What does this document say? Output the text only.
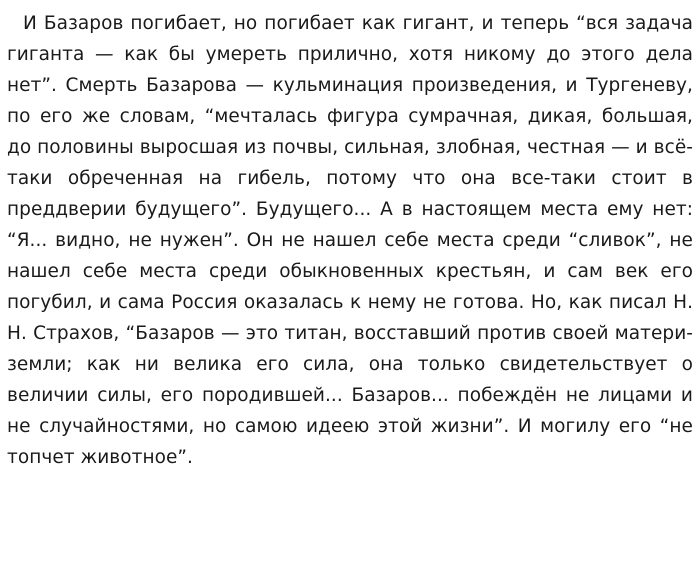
И Базаров погибает, но погибает как гигант, и теперь “вся задача гиганта — как бы умереть прилично, хотя никому до этого дела нет”. Смерть Базарова — кульминация произведения, и Тургеневу, по его же словам, “мечталась фигура сумрачная, дикая, большая, до половины выросшая из почвы, сильная, злобная, честная — и всё-таки обреченная на гибель, потому что она все-таки стоит в преддверии будущего”. Будущего... А в настоящем места ему нет: “Я... видно, не нужен”. Он не нашел себе места среди “сливок”, не нашел себе места среди обыкновенных крестьян, и сам век его погубил, и сама Россия оказалась к нему не готова. Но, как писал Н. Н. Страхов, “Базаров — это титан, восставший против своей матери-земли; как ни велика его сила, она только свидетельствует о величии силы, его породившей... Базаров... побеждён не лицами и не случайностями, но самою идеею этой жизни”. И могилу его “не топчет животное”.
